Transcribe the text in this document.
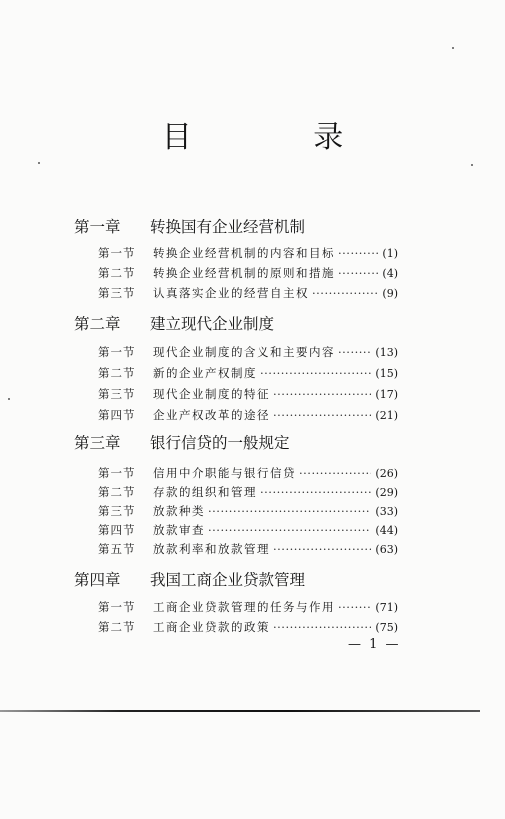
目 录
第一章 转换国有企业经营机制
第一节	转换企业经营机制的内容和目标 ·····	(1)
第二节	转换企业经营机制的原则和措施 ·····	(4)
第三节	认真落实企业的经营自主权 ·····	(9)
第二章 建立现代企业制度
第一节	现代企业制度的含义和主要内容 ·····	(13)
第二节	新的企业产权制度 ·····	(15)
第三节	现代企业制度的特征 ·····	(17)
第四节	企业产权改革的途径 ·····	(21)
第三章 银行信贷的一般规定
第一节	信用中介职能与银行信贷 ·····	(26)
第二节	存款的组织和管理 ·····	(29)
第三节	放款种类 ·····	(33)
第四节	放款审查 ·····	(44)
第五节	放款利率和放款管理 ·····	(63)
第四章 我国工商企业贷款管理
第一节	工商企业贷款管理的任务与作用 ·····	(71)
第二节	工商企业贷款的政策 ·····	(75)
— 1 —
